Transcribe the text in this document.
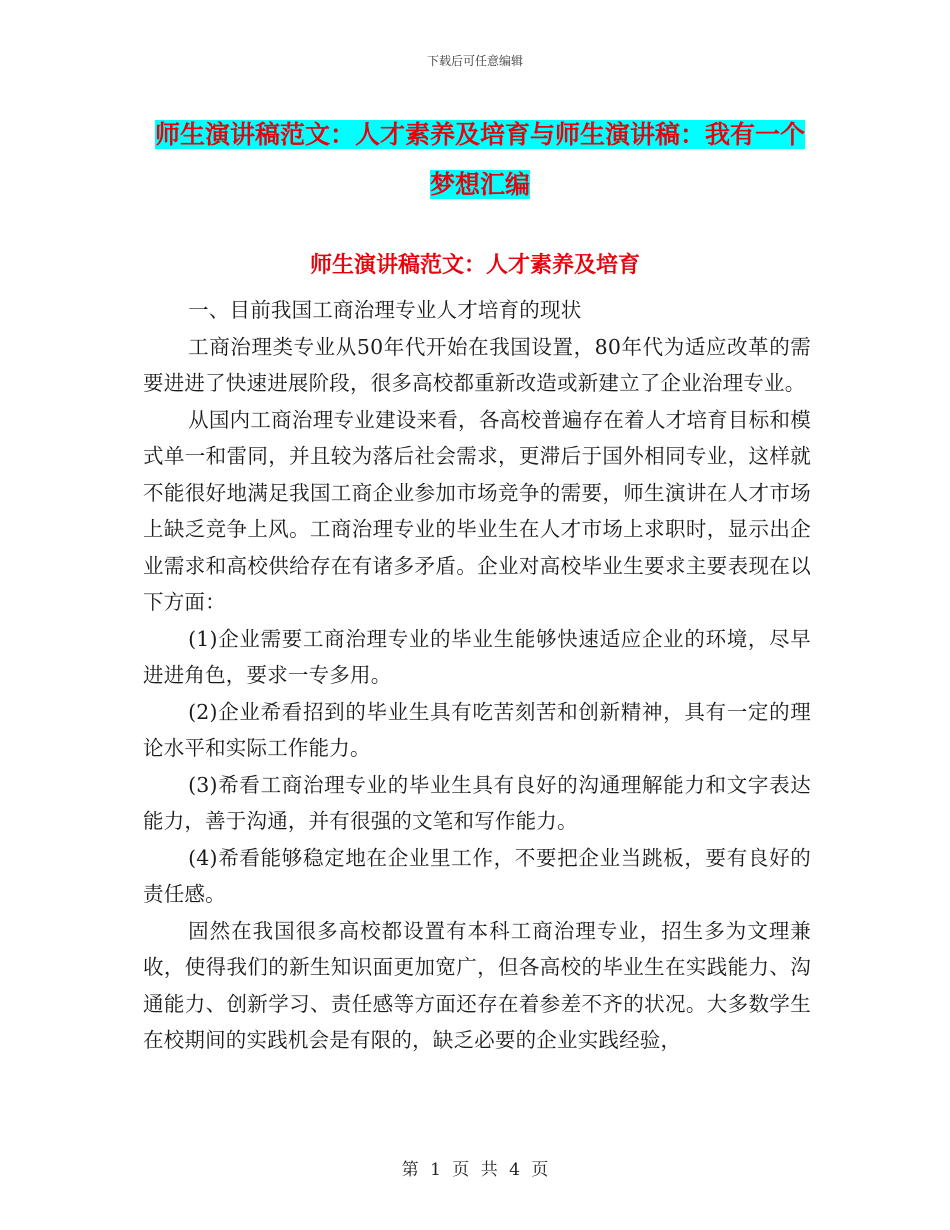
下载后可任意编辑
师生演讲稿范文：人才素养及培育与师生演讲稿：我有一个梦想汇编
师生演讲稿范文：人才素养及培育

一、目前我国工商治理专业人才培育的现状

工商治理类专业从50年代开始在我国设置，80年代为适应改革的需要进进了快速进展阶段，很多高校都重新改造或新建立了企业治理专业。

从国内工商治理专业建设来看，各高校普遍存在着人才培育目标和模式单一和雷同，并且较为落后社会需求，更滞后于国外相同专业，这样就不能很好地满足我国工商企业参加市场竞争的需要，师生演讲在人才市场上缺乏竞争上风。工商治理专业的毕业生在人才市场上求职时，显示出企业需求和高校供给存在有诸多矛盾。企业对高校毕业生要求主要表现在以下方面：

(1)企业需要工商治理专业的毕业生能够快速适应企业的环境，尽早进进角色，要求一专多用。

(2)企业希看招到的毕业生具有吃苦刻苦和创新精神，具有一定的理论水平和实际工作能力。

(3)希看工商治理专业的毕业生具有良好的沟通理解能力和文字表达能力，善于沟通，并有很强的文笔和写作能力。

(4)希看能够稳定地在企业里工作，不要把企业当跳板，要有良好的责任感。

固然在我国很多高校都设置有本科工商治理专业，招生多为文理兼收，使得我们的新生知识面更加宽广，但各高校的毕业生在实践能力、沟通能力、创新学习、责任感等方面还存在着参差不齐的状况。大多数学生在校期间的实践机会是有限的，缺乏必要的企业实践经验，

第 1 页 共 4 页
